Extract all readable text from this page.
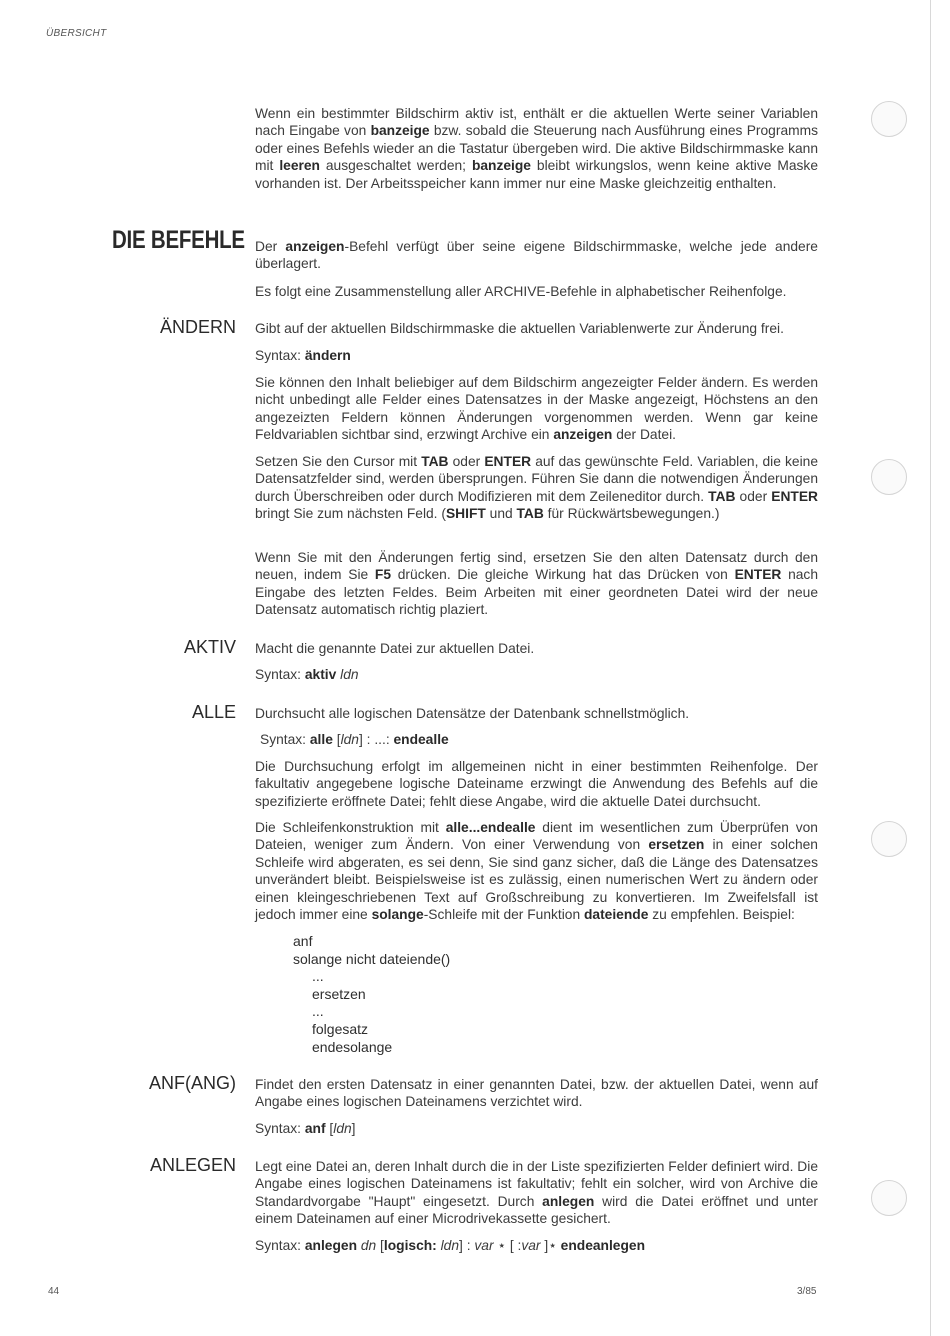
ÜBERSICHT
Wenn ein bestimmter Bildschirm aktiv ist, enthält er die aktuellen Werte seiner Variablen nach Eingabe von banzeige bzw. sobald die Steuerung nach Ausführung eines Programms oder eines Befehls wieder an die Tastatur übergeben wird. Die aktive Bildschirmmaske kann mit leeren ausgeschaltet werden; banzeige bleibt wirkungslos, wenn keine aktive Maske vorhanden ist. Der Arbeitsspeicher kann immer nur eine Maske gleichzeitig enthalten.
DIE BEFEHLE Der anzeigen-Befehl verfügt über seine eigene Bildschirmmaske, welche jede andere überlagert.
Es folgt eine Zusammenstellung aller ARCHIVE-Befehle in alphabetischer Reihenfolge.
ÄNDERN Gibt auf der aktuellen Bildschirmmaske die aktuellen Variablenwerte zur Änderung frei.
Syntax: ändern
Sie können den Inhalt beliebiger auf dem Bildschirm angezeigter Felder ändern. Es werden nicht unbedingt alle Felder eines Datensatzes in der Maske angezeigt, Höchstens an den angezeizten Feldern können Änderungen vorgenommen werden. Wenn gar keine Feldvariablen sichtbar sind, erzwingt Archive ein anzeigen der Datei.
Setzen Sie den Cursor mit TAB oder ENTER auf das gewünschte Feld. Variablen, die keine Datensatzfelder sind, werden übersprungen. Führen Sie dann die notwendigen Änderungen durch Überschreiben oder durch Modifizieren mit dem Zeileneditor durch. TAB oder ENTER bringt Sie zum nächsten Feld. (SHIFT und TAB für Rückwärtsbewegungen.)
Wenn Sie mit den Änderungen fertig sind, ersetzen Sie den alten Datensatz durch den neuen, indem Sie F5 drücken. Die gleiche Wirkung hat das Drücken von ENTER nach Eingabe des letzten Feldes. Beim Arbeiten mit einer geordneten Datei wird der neue Datensatz automatisch richtig plaziert.
AKTIV Macht die genannte Datei zur aktuellen Datei.
Syntax: aktiv ldn
ALLE Durchsucht alle logischen Datensätze der Datenbank schnellstmöglich.
Syntax: alle [ldn] : ...: endealle
Die Durchsuchung erfolgt im allgemeinen nicht in einer bestimmten Reihenfolge. Der fakultativ angegebene logische Dateiname erzwingt die Anwendung des Befehls auf die spezifizierte eröffnete Datei; fehlt diese Angabe, wird die aktuelle Datei durchsucht.
Die Schleifenkonstruktion mit alle...endealle dient im wesentlichen zum Überprüfen von Dateien, weniger zum Ändern. Von einer Verwendung von ersetzen in einer solchen Schleife wird abgeraten, es sei denn, Sie sind ganz sicher, daß die Länge des Datensatzes unverändert bleibt. Beispielsweise ist es zulässig, einen numerischen Wert zu ändern oder einen kleingeschriebenen Text auf Großschreibung zu konvertieren. Im Zweifelsfall ist jedoch immer eine solange-Schleife mit der Funktion dateiende zu empfehlen. Beispiel:
anf
solange nicht dateiende()
...
ersetzen
...
folgesatz
endesolange
ANF(ANG) Findet den ersten Datensatz in einer genannten Datei, bzw. der aktuellen Datei, wenn auf Angabe eines logischen Dateinamens verzichtet wird.
Syntax: anf [ldn]
ANLEGEN Legt eine Datei an, deren Inhalt durch die in der Liste spezifizierten Felder definiert wird. Die Angabe eines logischen Dateinamens ist fakultativ; fehlt ein solcher, wird von Archive die Standardvorgabe "Haupt" eingesetzt. Durch anlegen wird die Datei eröffnet und unter einem Dateinamen auf einer Microdrivekassette gesichert.
Syntax: anlegen dn [logisch: ldn] : var ⋆ [ :var ]⋆ endeanlegen
44	3/85
